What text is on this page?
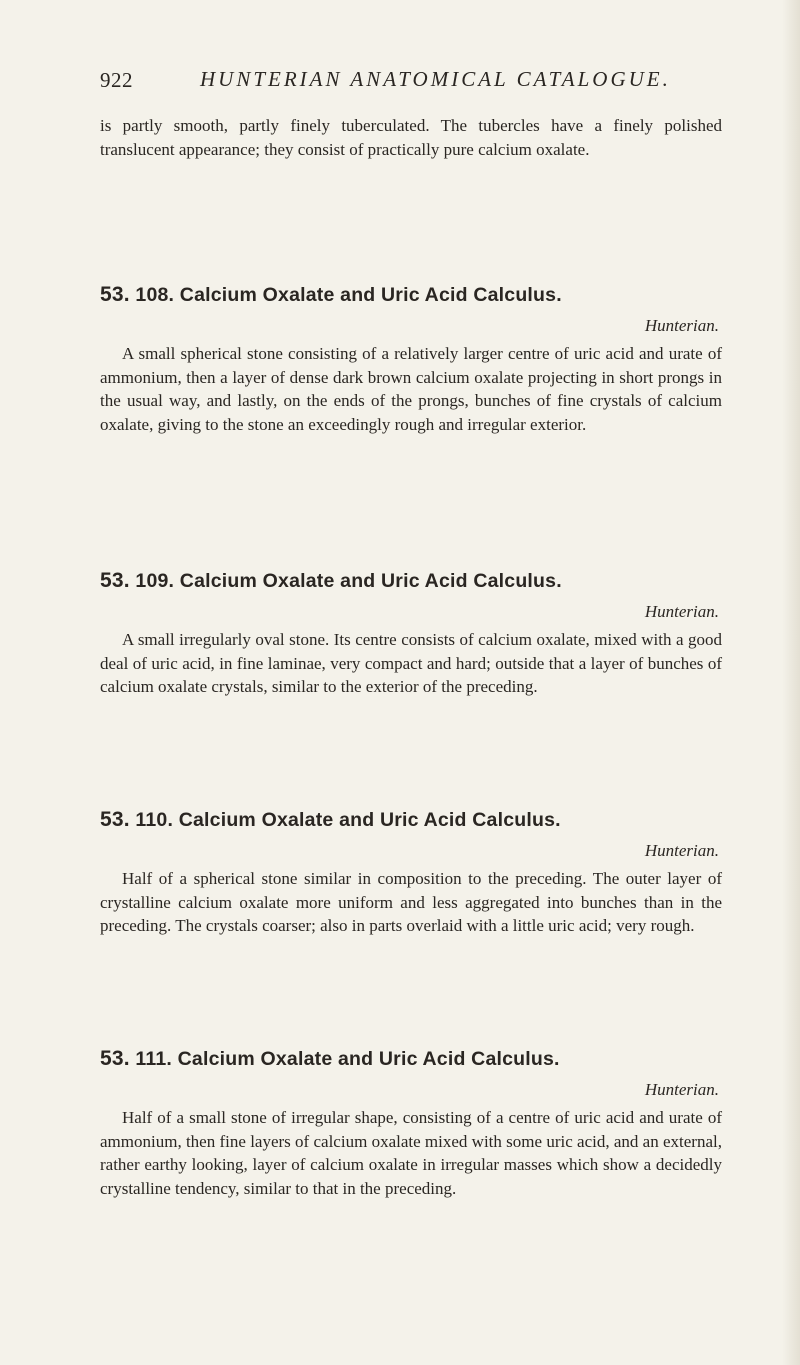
922	HUNTERIAN ANATOMICAL CATALOGUE.

is partly smooth, partly finely tuberculated. The tubercles have a finely polished translucent appearance; they consist of practically pure calcium oxalate.

53. 108. Calcium Oxalate and Uric Acid Calculus.

Hunterian.

A small spherical stone consisting of a relatively larger centre of uric acid and urate of ammonium, then a layer of dense dark brown calcium oxalate projecting in short prongs in the usual way, and lastly, on the ends of the prongs, bunches of fine crystals of calcium oxalate, giving to the stone an exceedingly rough and irregular exterior.

53. 109. Calcium Oxalate and Uric Acid Calculus.

Hunterian.

A small irregularly oval stone. Its centre consists of calcium oxalate, mixed with a good deal of uric acid, in fine laminae, very compact and hard; outside that a layer of bunches of calcium oxalate crystals, similar to the exterior of the preceding.

53. 110. Calcium Oxalate and Uric Acid Calculus.

Hunterian.

Half of a spherical stone similar in composition to the preceding. The outer layer of crystalline calcium oxalate more uniform and less aggregated into bunches than in the preceding. The crystals coarser; also in parts overlaid with a little uric acid; very rough.

53. 111. Calcium Oxalate and Uric Acid Calculus.

Hunterian.

Half of a small stone of irregular shape, consisting of a centre of uric acid and urate of ammonium, then fine layers of calcium oxalate mixed with some uric acid, and an external, rather earthy looking, layer of calcium oxalate in irregular masses which show a decidedly crystalline tendency, similar to that in the preceding.
